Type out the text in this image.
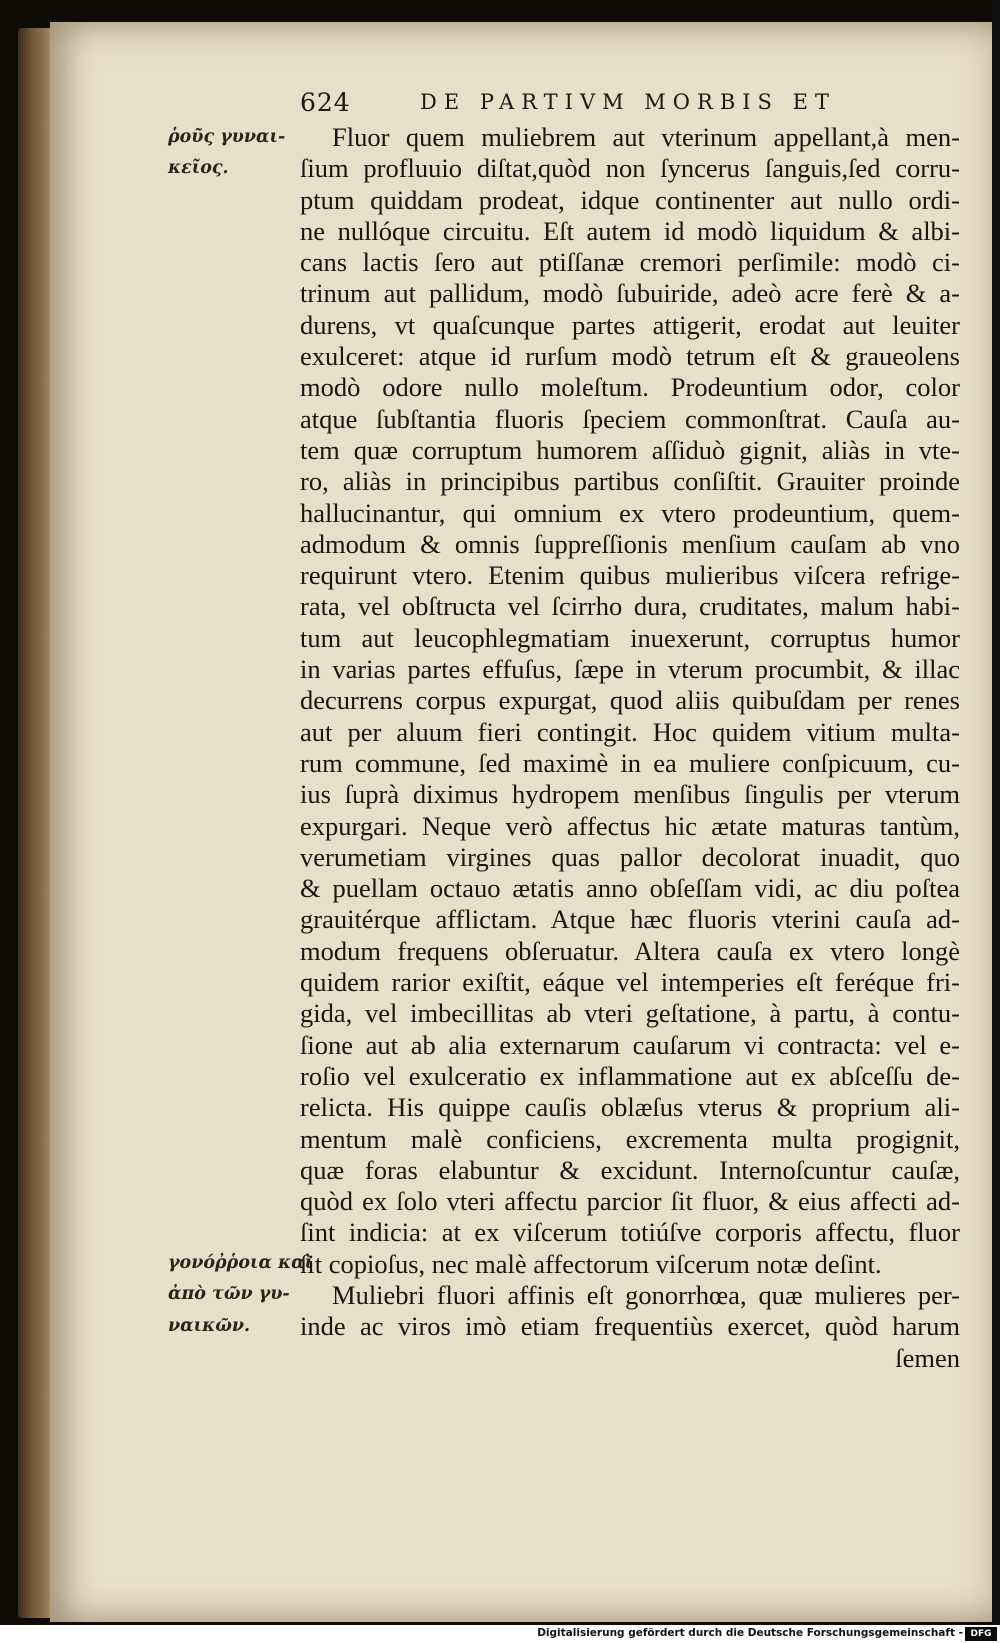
624	DE PARTIVM MORBIS ET
ῥοῦς γυναι-
κεῖος.
γονόῤῥοια καὶ
ἀπὸ τῶν γυ-
ναικῶν.
Fluor quem muliebrem aut vterinum appellant,à men-
ſium profluuio diſtat,quòd non ſyncerus ſanguis,ſed corru-
ptum quiddam prodeat, idque continenter aut nullo ordi-
ne nullóque circuitu. Eſt autem id modò liquidum & albi-
cans lactis ſero aut ptiſſanæ cremori perſimile: modò ci-
trinum aut pallidum, modò ſubuiride, adeò acre ferè & a-
durens, vt quaſcunque partes attigerit, erodat aut leuiter
exulceret: atque id rurſum modò tetrum eſt & graueolens
modò odore nullo moleſtum. Prodeuntium odor, color
atque ſubſtantia fluoris ſpeciem commonſtrat. Cauſa au-
tem quæ corruptum humorem aſſiduò gignit, aliàs in vte-
ro, aliàs in principibus partibus conſiſtit. Grauiter proinde
hallucinantur, qui omnium ex vtero prodeuntium, quem-
admodum & omnis ſuppreſſionis menſium cauſam ab vno
requirunt vtero. Etenim quibus mulieribus viſcera refrige-
rata, vel obſtructa vel ſcirrho dura, cruditates, malum habi-
tum aut leucophlegmatiam inuexerunt, corruptus humor
in varias partes effuſus, ſæpe in vterum procumbit, & illac
decurrens corpus expurgat, quod aliis quibuſdam per renes
aut per aluum fieri contingit. Hoc quidem vitium multa-
rum commune, ſed maximè in ea muliere conſpicuum, cu-
ius ſuprà diximus hydropem menſibus ſingulis per vterum
expurgari. Neque verò affectus hic ætate maturas tantùm,
verumetiam virgines quas pallor decolorat inuadit, quo
& puellam octauo ætatis anno obſeſſam vidi, ac diu poſtea
grauitérque afflictam. Atque hæc fluoris vterini cauſa ad-
modum frequens obſeruatur. Altera cauſa ex vtero longè
quidem rarior exiſtit, eáque vel intemperies eſt feréque fri-
gida, vel imbecillitas ab vteri geſtatione, à partu, à contu-
ſione aut ab alia externarum cauſarum vi contracta: vel e-
roſio vel exulceratio ex inflammatione aut ex abſceſſu de-
relicta. His quippe cauſis oblæſus vterus & proprium ali-
mentum malè conficiens, excrementa multa progignit,
quæ foras elabuntur & excidunt. Internoſcuntur cauſæ,
quòd ex ſolo vteri affectu parcior ſit fluor, & eius affecti ad-
ſint indicia: at ex viſcerum totiúſve corporis affectu, fluor
ſit copioſus, nec malè affectorum viſcerum notæ deſint.
Muliebri fluori affinis eſt gonorrhœa, quæ mulieres per-
inde ac viros imò etiam frequentiùs exercet, quòd harum
ſemen
Digitalisierung gefördert durch die Deutsche Forschungsgemeinschaft - DFG
